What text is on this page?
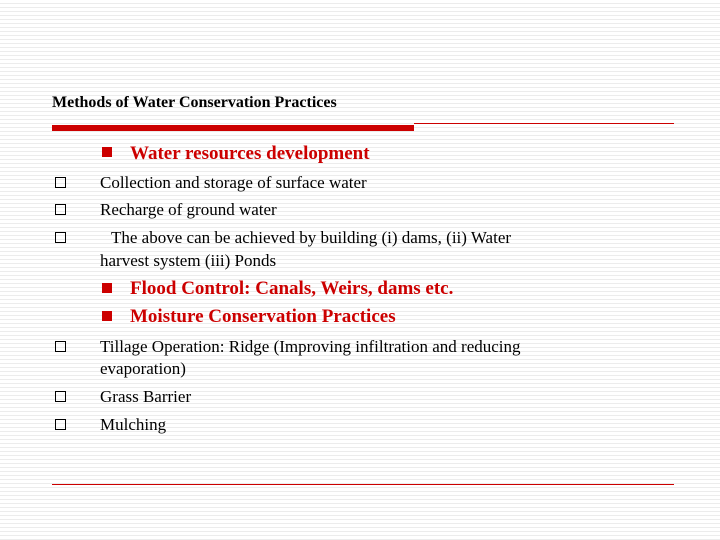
Methods of Water Conservation Practices
Water resources development
Collection and storage of surface water
Recharge of ground water
The above can be achieved by building (i) dams, (ii) Water
harvest system (iii) Ponds
Flood Control: Canals, Weirs, dams etc.
Moisture Conservation Practices
Tillage Operation: Ridge (Improving infiltration and reducing
evaporation)
Grass Barrier
Mulching
